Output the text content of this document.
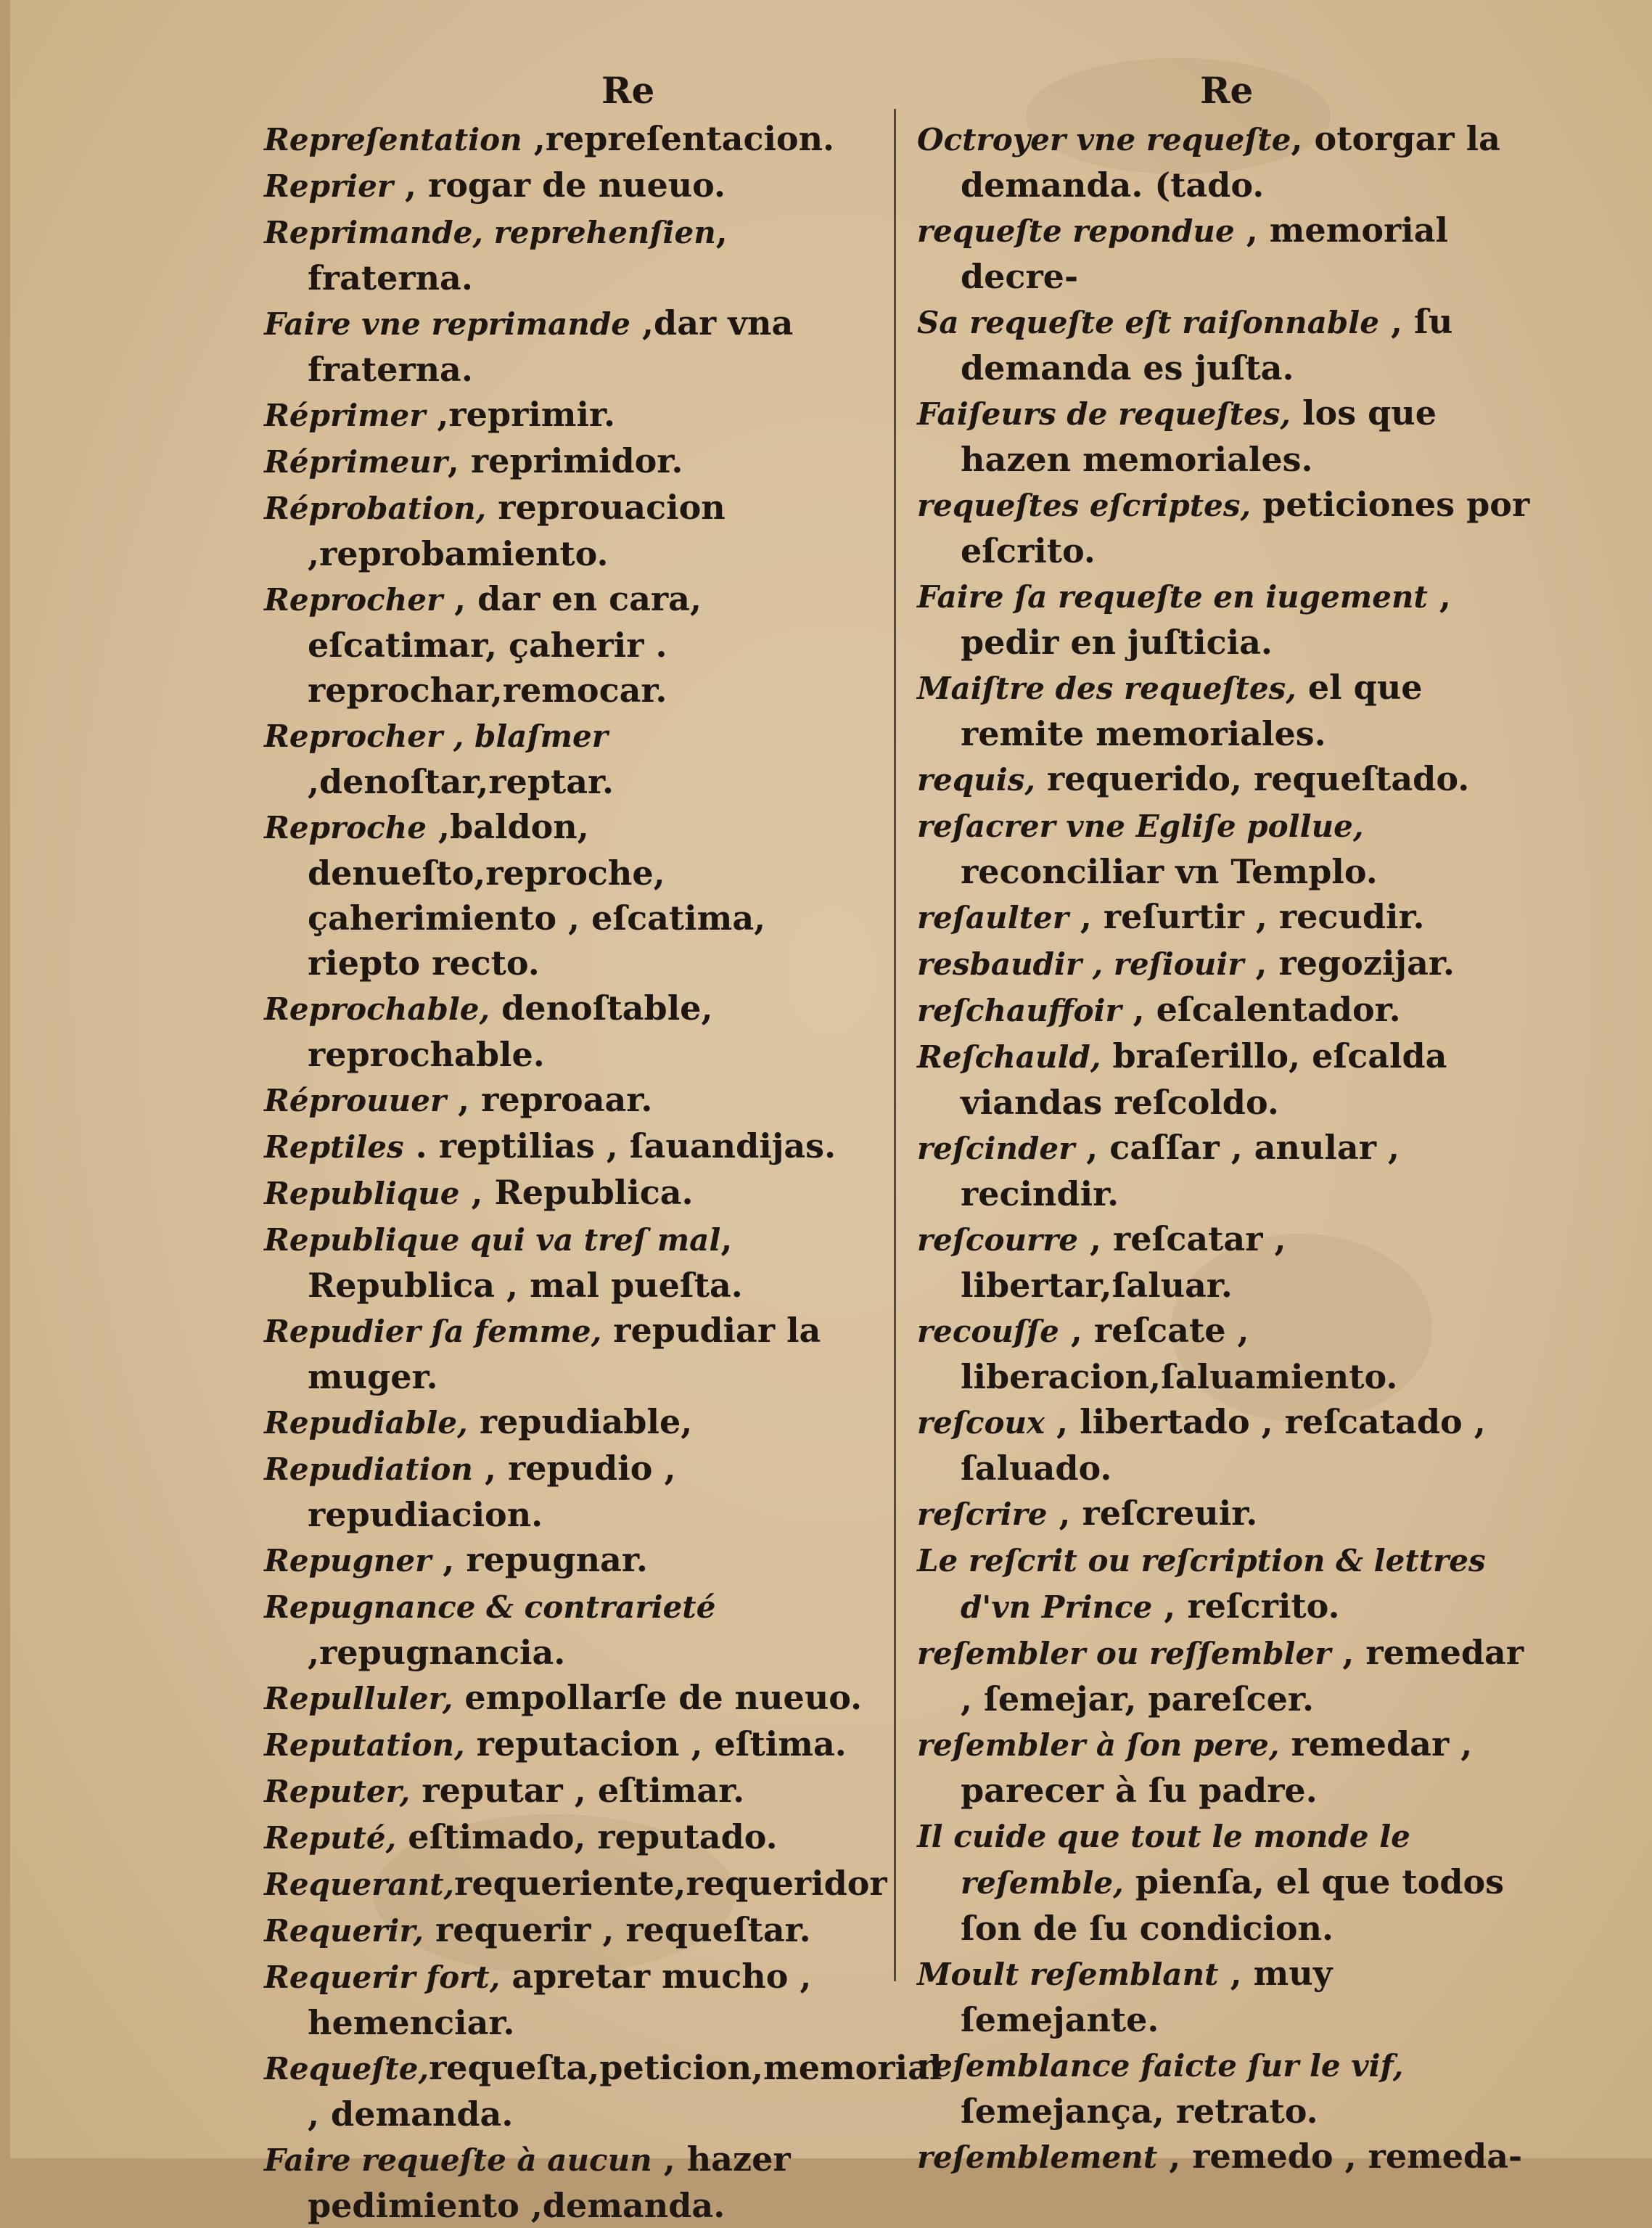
Re	Re

Repreſentation ,repreſentacion.

Reprier , rogar de nueuo.

Reprimande, reprehenſien, fraterna.

Faire vne reprimande ,dar vna fraterna.

Réprimer ,reprimir.

Réprimeur, reprimidor.

Réprobation, reprouacion ,reprobamiento.

Reprocher , dar en cara, eſcatimar, çaherir . reprochar,remocar.

Reprocher , blaſmer ,denoſtar,reptar.

Reproche ,baldon, denueſto,reproche, çaherimiento , eſcatima, riepto recto.

Reprochable, denoſtable, reprochable.

Réprouuer , reproаar.

Reptiles . reptilias , ſauandijas.

Republique , Republica.

Republique qui va treſ mal, Republica , mal pueſta.

Repudier ſa femme, repudiar la muger.

Repudiable, repudiable,

Repudiation , repudio , repudiacion.

Repugner , repugnar.

Repugnance & contrarieté ,repugnancia.

Repulluler, empollarſe de nueuo.

Reputation, reputacion , eſtima.

Reputer, reputar , eſtimar.

Reputé, eſtimado, reputado.

Requerant,requeriente,requeridor

Requerir, requerir , requeſtar.

Requerir fort, apretar mucho , hemenciar.

Requeſte,requeſta,peticion,memorial , demanda.

Faire requeſte à aucun , hazer pedimiento ,demanda.

Octroyer vne requeſte, otorgar la demanda. (tado.

requeſte repondue , memorial decre-

Sa requeſte eſt raiſonnable , ſu demanda es juſta.

Faiſeurs de requeſtes, los que hazen memoriales.

requeſtes eſcriptes, peticiones por eſcrito.

Faire ſa requeſte en iugement , pedir en juſticia.

Maiſtre des requeſtes, el que remite memoriales.

requis, requerido, requeſtado.

reſacrer vne Egliſe pollue, reconciliar vn Templo.

reſaulter , reſurtir , recudir.

resbaudir , reſiouir , regozijar.

reſchauffoir , eſcalentador.

Reſchauld, braſerillo, eſcalda viandas reſcoldo.

reſcinder , caſſar , anular , recindir.

reſcourre , reſcatar , libertar,ſaluar.

recouſſe , reſcate , liberacion,ſaluamiento.

reſcoux , libertado , reſcatado , ſaluado.

reſcrire , reſcreuir.

Le reſcrit ou reſcription & lettres d'vn Prince , reſcrito.

reſembler ou reſſembler , remedar , ſemejar, pareſcer.

reſembler à ſon pere, remedar , parecer à ſu padre.

Il cuide que tout le monde le reſemble, pienſa, el que todos ſon de ſu condicion.

Moult reſemblant , muy ſemejante.

reſemblance faicte ſur le vif, ſemejança, retrato.

reſemblement , remedo , remeda-
